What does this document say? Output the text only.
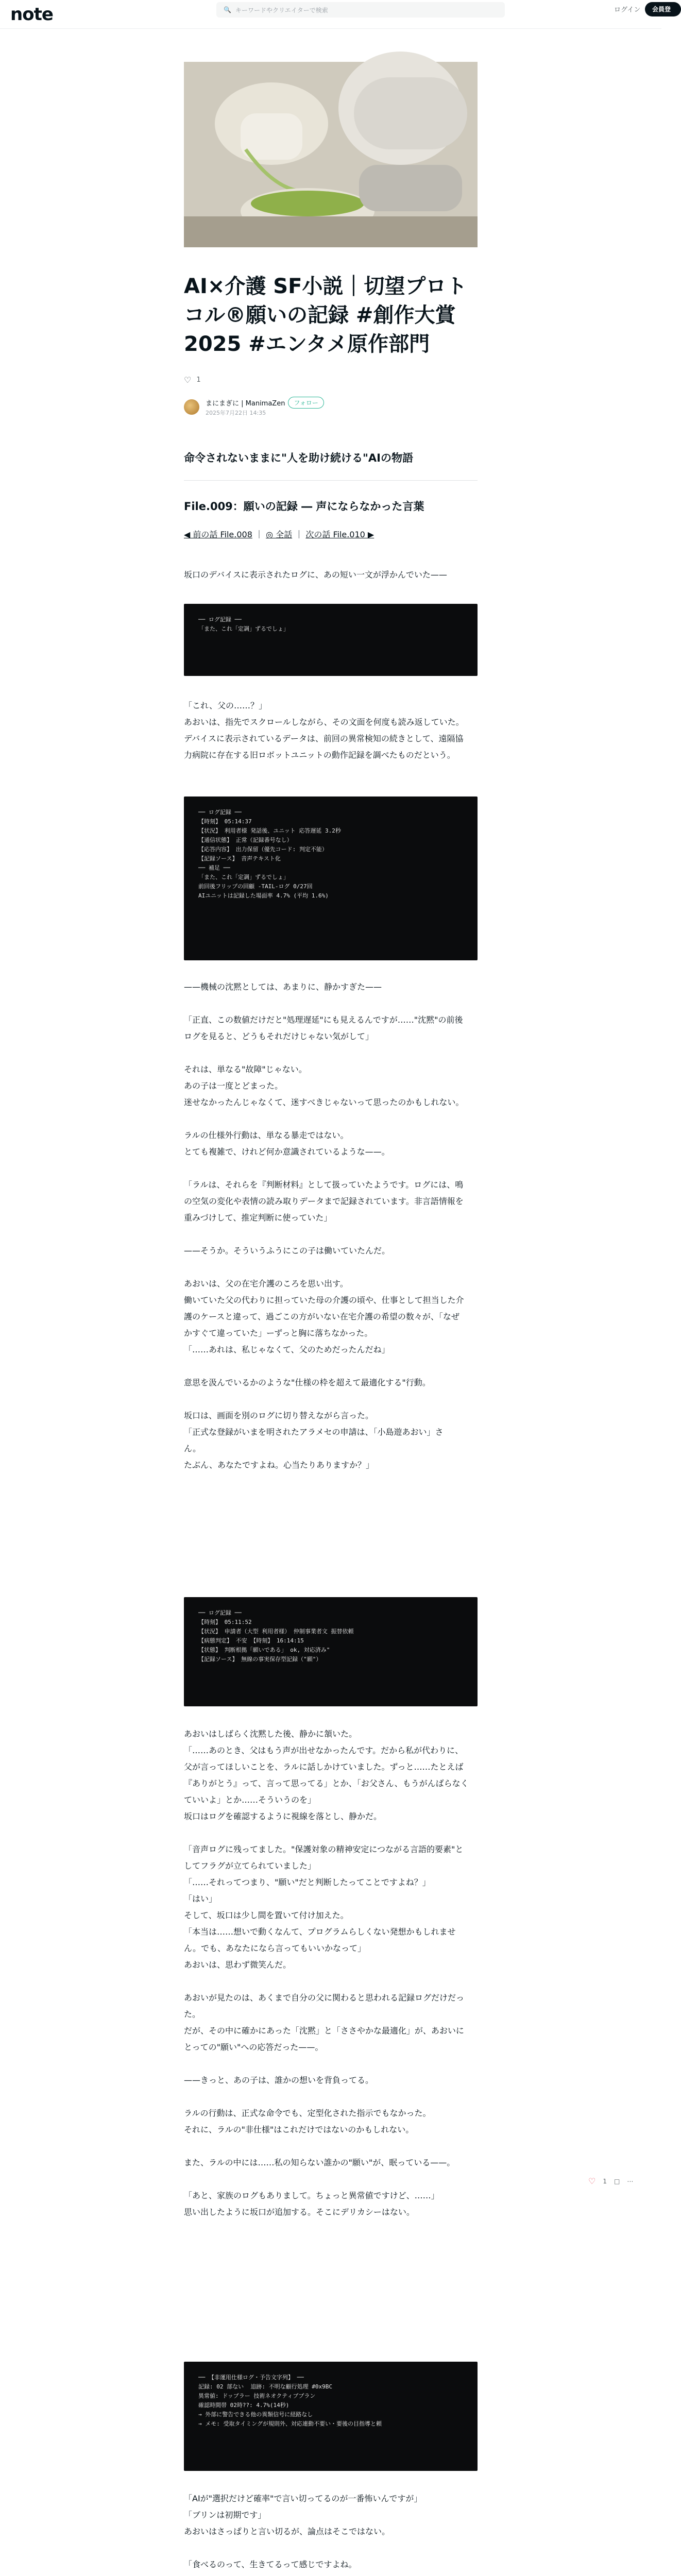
note	🔍 キーワードやクリエイターで検索	ログイン	会員登録
AI×介護 SF小説｜切望プロトコル®願いの記録 #創作大賞2025 #エンタメ原作部門
♡ 1
まにまぎに | ManimaZen	フォロー
2025年7月22日 14:35
命令されないままに"人を助け続ける"AIの物語
File.009：願いの記録 ― 声にならなかった言葉
◀ 前の話 File.008 ｜ ◎ 全話 ｜ 次の話 File.010 ▶
坂口のデバイスに表示されたログに、あの短い一文が浮かんでいた——
── ログ記録 ──
「また、これ「定調」ずるでしょ」
「これ、父の……？」
あおいは、指先でスクロールしながら、その文面を何度も読み返していた。
デバイスに表示されているデータは、前回の異常検知の続きとして、遠隔協
力病院に存在する旧ロボットユニットの動作記録を調べたものだという。
── ログ記録 ──
【時刻】 05:14:37
【状況】 利用者様 発話後、ユニット 応答遅延 3.2秒
【通信状態】 正常（記録番号なし）
【応答内容】 出力保留（優先コード: 判定不能）
【記録ソース】 音声テキスト化
── 補足 ──
「また、これ「定調」ずるでしょ」
前回後フリップの回顧 -TAIL-ログ 0/27回
AIユニットは記録した場面率 4.7% (平均 1.6%)
——機械の沈黙としては、あまりに、静かすぎた——
「正直、この数値だけだと"処理遅延"にも見えるんですが……"沈黙"の前後
ログを見ると、どうもそれだけじゃない気がして」
それは、単なる"故障"じゃない。
あの子は一度とどまった。
迷せなかったんじゃなくて、迷すべきじゃないって思ったのかもしれない。
ラルの仕様外行動は、単なる暴走ではない。
とても複雑で、けれど何か意識されているような——。
「ラルは、それらを『判断材料』として扱っていたようです。ログには、鳴
の空気の変化や表情の読み取りデータまで記録されています。非言語情報を
重みづけして、推定判断に使っていた」
——そうか。そういうふうにこの子は働いていたんだ。
あおいは、父の在宅介護のころを思い出す。
働いていた父の代わりに担っていた母の介護の頃や、仕事として担当した介
護のケースと違って、過ごこの方がいない在宅介護の希望の数々が、「なぜ
かすぐて違っていた」ーずっと胸に落ちなかった。
「……あれは、私じゃなくて、父のためだったんだね」
意思を汲んでいるかのような"仕様の枠を超えて最適化する"行動。
坂口は、画面を別のログに切り替えながら言った。
「正式な登録がいまを明されたアラメセの申請は、「小島遊あおい」さ
ん。
たぶん、あなたですよね。心当たりありますか？」
── ログ記録 ──
【時刻】 05:11:52
【状況】 申請者（大型 利用者様） 仲制事業者文 振替依頼
【病態判定】 不安 【時刻】 16:14:15
【状態】 判断根拠「願いである」 ok, 対応済み"
【記録ソース】 無線の事実保存型記録（"願"）
あおいはしばらく沈黙した後、静かに頷いた。
「……あのとき、父はもう声が出せなかったんです。だから私が代わりに、
父が言ってほしいことを、ラルに話しかけていました。ずっと……たとえば
『ありがとう』って、言って思ってる」とか、「お父さん、もうがんばらなく
ていいよ」とか……そういうのを」
坂口はログを確認するように視線を落とし、静かだ。
「音声ログに残ってました。"保護対象の精神安定につながる言語的要素"と
してフラグが立てられていました」
「……それってつまり、"願い"だと判断したってことですよね？」
「はい」
そして、坂口は少し間を置いて付け加えた。
「本当は……想いで動くなんて、プログラムらしくない発想かもしれませ
ん。でも、あなたになら言ってもいいかなって」
あおいは、思わず微笑んだ。
あおいが見たのは、あくまで自分の父に関わると思われる記録ログだけだっ
た。
だが、その中に確かにあった「沈黙」と「ささやかな最適化」が、あおいに
とっての"願い"への応答だった——。
——きっと、あの子は、誰かの想いを背負ってる。
ラルの行動は、正式な命令でも、定型化された指示でもなかった。
それに、ラルの"非仕様"はこれだけではないのかもしれない。
また、ラルの中には……私の知らない誰かの"願い"が、眠っている——。
「あと、家族のログもありまして。ちょっと異常値ですけど、……」
思い出したように坂口が追加する。そこにデリカシーはない。
── 【非運用仕様ログ・予告文字列】 ──
記録: 02 部ない  追跡: 不明な顧行処理 #0x9BC
異常値: ドップラー 技術ネオクティブプラン
確認時間帯 02時??: 4.7%(14秒)
→ 外部に警告できる他の異類信号に経路なし
→ メモ: 受取タイミングが規則外、対応連動不要い・要後の目指導と頼
「AIが"選択だけど確率"で言い切ってるのが一番怖いんですが」
「ブリンは初期です」
あおいはさっぱりと言い切るが、論点はそこではない。
「食べるのって、生きてるって感じですよね。
♡ 1 □ ⋯
